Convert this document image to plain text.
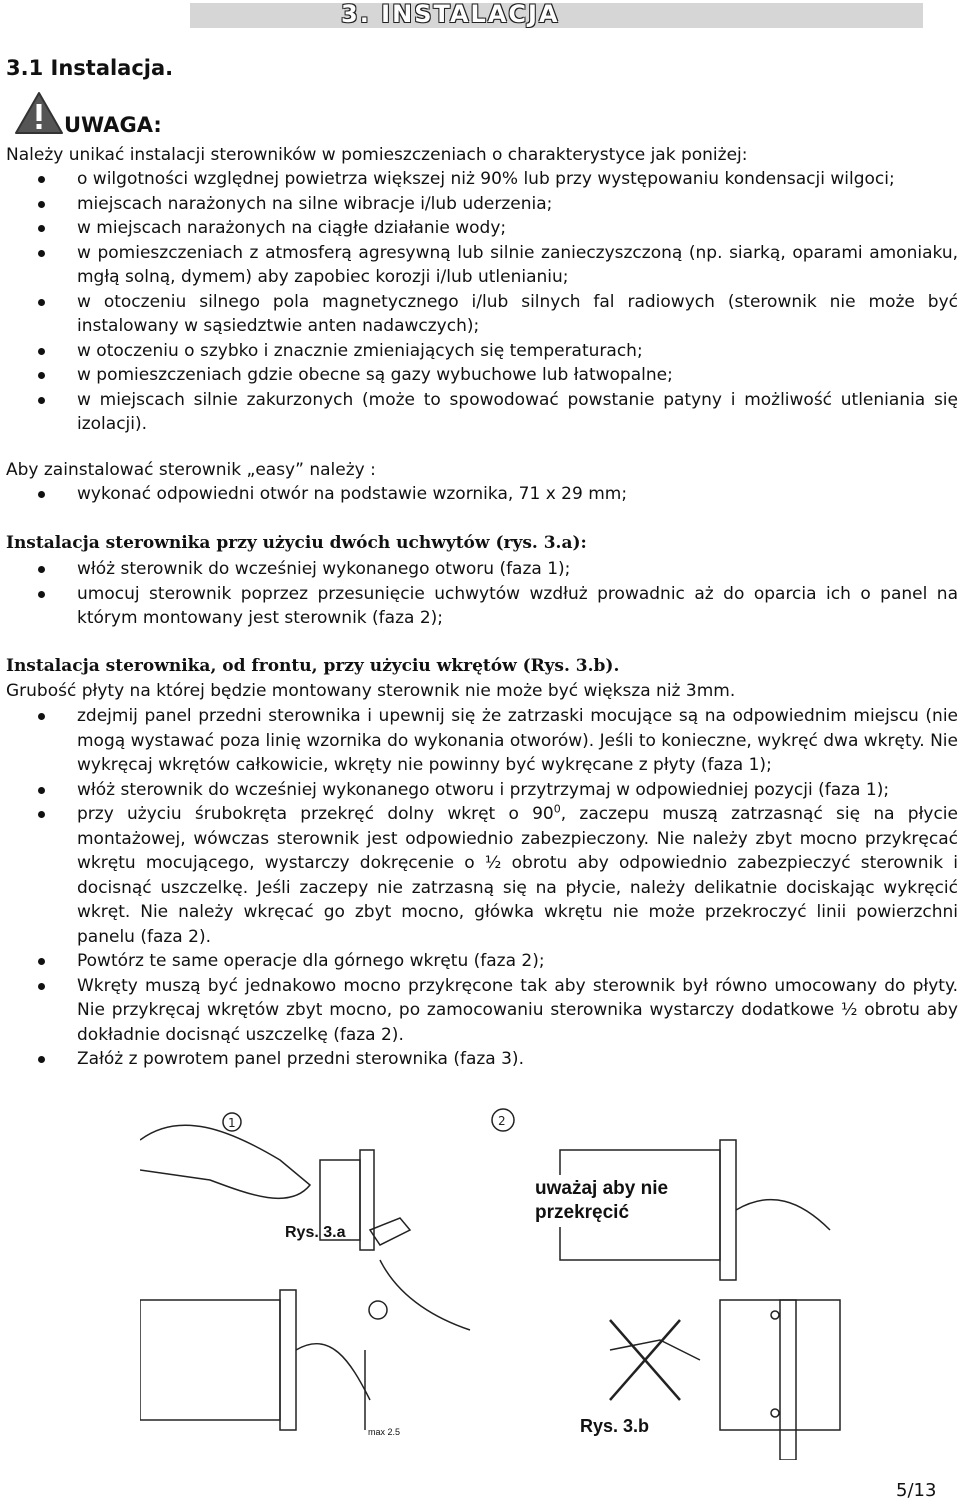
3. INSTALACJA
3.1 Instalacja.
UWAGA:
Należy unikać instalacji sterowników w pomieszczeniach o charakterystyce jak poniżej:
o wilgotności względnej powietrza większej niż 90% lub przy występowaniu kondensacji wilgoci;
miejscach narażonych na silne wibracje i/lub uderzenia;
w miejscach narażonych na ciągłe działanie wody;
w pomieszczeniach z atmosferą agresywną lub silnie zanieczyszczoną (np. siarką, oparami amoniaku, mgłą solną, dymem) aby zapobiec korozji i/lub utlenianiu;
w otoczeniu silnego pola magnetycznego i/lub silnych fal radiowych (sterownik nie może być instalowany w sąsiedztwie anten nadawczych);
w otoczeniu o szybko i znacznie zmieniających się temperaturach;
w pomieszczeniach gdzie obecne są gazy wybuchowe lub łatwopalne;
w miejscach silnie zakurzonych (może to spowodować powstanie patyny i możliwość utleniania się izolacji).
Aby zainstalować sterownik „easy” należy :
wykonać odpowiedni otwór na podstawie wzornika, 71 x 29 mm;
Instalacja sterownika przy użyciu dwóch uchwytów (rys. 3.a):
włóż sterownik do wcześniej wykonanego otworu (faza 1);
umocuj sterownik poprzez przesunięcie uchwytów wzdłuż prowadnic aż do oparcia ich o panel na którym montowany jest sterownik (faza 2);
Instalacja sterownika, od frontu, przy użyciu wkrętów (Rys. 3.b).
Grubość płyty na której będzie montowany sterownik nie może być większa niż 3mm.
zdejmij panel przedni sterownika i upewnij się że zatrzaski mocujące są na odpowiednim miejscu (nie mogą wystawać poza linię wzornika do wykonania otworów). Jeśli to konieczne, wykręć dwa wkręty. Nie wykręcaj wkrętów całkowicie, wkręty nie powinny być wykręcane z płyty (faza 1);
włóż sterownik do wcześniej wykonanego otworu i przytrzymaj w odpowiedniej pozycji (faza 1);
przy użyciu śrubokręta przekręć dolny wkręt o $90^0$, zaczepu muszą zatrzasnąć się na płycie montażowej, wówczas sterownik jest odpowiednio zabezpieczony. Nie należy zbyt mocno przykręcać wkrętu mocującego, wystarczy dokręcenie o ½ obrotu aby odpowiednio zabezpieczyć sterownik i docisnąć uszczelkę. Jeśli zaczepy nie zatrzasną się na płycie, należy delikatnie dociskając wykręcić wkręt. Nie należy wkręcać go zbyt mocno, główka wkrętu nie może przekroczyć linii powierzchni panelu (faza 2).
Powtórz te same operacje dla górnego wkrętu (faza 2);
Wkręty muszą być jednakowo mocno przykręcone tak aby sterownik był równo umocowany do płyty. Nie przykręcaj wkrętów zbyt mocno, po zamocowaniu sterownika wystarczy dodatkowe ½ obrotu aby dokładnie docisnąć uszczelkę (faza 2).
Załóż z powrotem panel przedni sterownika (faza 3).
1	2
Rys. 3.a
uważaj aby nie
przekręcić
max 2.5	Rys. 3.b
5/13
